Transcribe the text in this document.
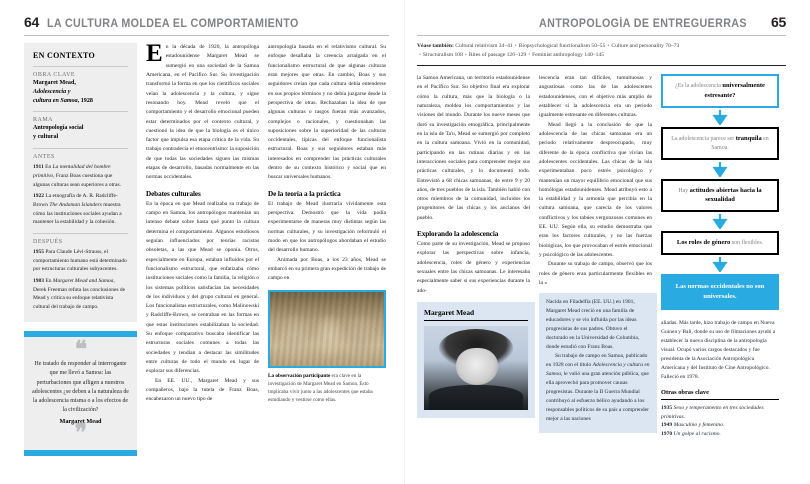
64 LA CULTURA MOLDEA EL COMPORTAMIENTO
EN CONTEXTO
OBRA CLAVE
Margaret Mead,
Adolescencia y
cultura en Samoa, 1928
RAMA
Antropología social
y cultural
ANTES
1911 En La mentalidad del hombre primitivo, Franz Boas cuestiona que algunas culturas sean superiores a otras.
1922 La etnografía de A. R. Radcliffe-Brown The Andaman Islanders muestra cómo las instituciones sociales ayudan a mantener la estabilidad y la cohesión.
DESPUÉS
1955 Para Claude Lévi-Strauss, el comportamiento humano está determinado por estructuras culturales subyacentes.
1983 En Margaret Mead and Samoa, Derek Freeman refuta las conclusiones de Mead y critica su enfoque relativista cultural del trabajo de campo.
❝
He tratado de responder al interrogante que me llevó a Samoa: las perturbaciones que afligen a nuestros adolescentes ¿se deben a la naturaleza de la adolescencia misma o a los efectos de la civilización?
Margaret Mead
❞

En la década de 1920, la antropóloga estadounidense Margaret Mead se sumergió en una sociedad de la Samoa Americana, en el Pacífico Sur. Su investigación transformó la forma en que los científicos sociales veían la adolescencia y la cultura, y sigue resonando hoy. Mead reveló que el comportamiento y el desarrollo emocional pueden estar determinados por el contexto cultural, y cuestionó la idea de que la biología es el único factor que impulsa esa etapa crítica de la vida. Su trabajo contradecía el etnocentrismo: la suposición de que todas las sociedades siguen las mismas etapas de desarrollo, basadas normalmente en las normas occidentales.

Debates culturales

En la época en que Mead realizaba su trabajo de campo en Samoa, los antropólogos mantenían un intenso debate sobre hasta qué punto la cultura determina el comportamiento. Algunos estudiosos seguían influenciados por teorías racistas obsoletas, a las que Mead se oponía. Otros, especialmente en Europa, estaban influidos por el funcionalismo estructural, que enfatizaba cómo instituciones sociales como la familia, la religión o los sistemas políticos satisfacían las necesidades de los individuos y del grupo cultural en general. Los funcionalistas estructurales, como Malinowski y Radcliffe-Brown, se centraban en las formas en que estas instituciones estabilizaban la sociedad. Su enfoque comparativo buscaba identificar las estructuras sociales comunes a todas las sociedades y tendían a destacar las similitudes entre culturas de todo el mundo en lugar de explorar sus diferencias.

En EE. UU., Margaret Mead y sus compañeros, bajo la tutela de Franz Boas, encabezaron un nuevo tipo de

antropología basada en el relativismo cultural. Su enfoque desafiaba la creencia arraigada en el funcionalismo estructural de que algunas culturas eran mejores que otras. En cambio, Boas y sus seguidores creían que cada cultura debía entenderse en sus propios términos y no debía juzgarse desde la perspectiva de otras. Rechazaban la idea de que algunas culturas o rasgos fueran más avanzados, complejos o racionales, y cuestionaban las suposiciones sobre la superioridad de las culturas occidentales, típicas del enfoque funcionalista estructural. Boas y sus seguidores estaban más interesados en comprender las prácticas culturales dentro de su contexto histórico y social que en buscar universales humanos.

De la teoría a la práctica

El trabajo de Mead ilustraría vívidamente esta perspectiva. Demostró que la vida podía experimentarse de maneras muy distintas según las normas culturales, y su investigación reformuló el modo en que los antropólogos abordaban el estudio del desarrollo humano.

Animada por Boas, a los 23 años, Mead se embarcó en su primera gran expedición de trabajo de campo en

La observación participante era clave en la investigación de Margaret Mead en Samoa. Esto implicaba vivir junto a las adolescentes que estaba estudiando y vestirse como ellas.
ANTROPOLOGÍA DE ENTREGUERRAS 65
Véase también: Cultural relativism 34–41 • Biopsychological functionalism 50–55 • Culture and personality 70–73
• Structuralism 108 • Rites of passage 126–129 • Feminist anthropology 140–145

la Samoa Americana, un territorio estadounidense en el Pacífico Sur. Su objetivo final era explorar cómo la cultura, más que la biología o la naturaleza, moldea los comportamientos y las visiones del mundo. Durante los nueve meses que duró su investigación etnográfica, principalmente en la isla de Ta'u, Mead se sumergió por completo en la cultura samoana. Vivió en la comunidad, participando en las rutinas diarias y en las interacciones sociales para comprender mejor sus prácticas culturales, y lo documentó todo. Entrevistó a 68 chicas samoanas, de entre 9 y 20 años, de tres pueblos de la isla. También habló con otros miembros de la comunidad, incluidos los progenitores de las chicas y los ancianos del pueblo.

Explorando la adolescencia

Como parte de su investigación, Mead se propuso explorar las perspectivas sobre infancia, adolescencia, roles de género y experiencias sexuales entre las chicas samoanas. Le interesaba especialmente saber si sus experiencias durante la ado-

Margaret Mead

lescencia eran tan difíciles, tumultuosas y angustiosas como las de las adolescentes estadounidenses, con el objetivo más amplio de establecer si la adolescencia era un periodo igualmente estresante en diferentes culturas.

Mead llegó a la conclusión de que la adolescencia de las chicas samoanas era un periodo relativamente despreocupado, muy diferente de la época conflictiva que vivían las adolescentes occidentales. Las chicas de la isla experimentaban poco estrés psicológico y mantenían un mayor equilibrio emocional que sus homólogas estadounidenses. Mead atribuyó esto a la estabilidad y la armonía que percibía en la cultura samoana, que carecía de los valores conflictivos y los tabúes vergonzosos comunes en EE. UU. Según ella, su estudio demostraba que eran los factores culturales, y no las fuerzas biológicas, los que provocaban el estrés emocional y psicológico de las adolescentes.

Durante su trabajo de campo, observó que los roles de género eran particularmente flexibles en la »

Nacida en Filadelfia (EE. UU.) en 1901, Margaret Mead creció en una familia de educadores y se vio influida por las ideas progresistas de sus padres. Obtuvo el doctorado en la Universidad de Columbia, donde estudió con Franz Boas.
Su trabajo de campo en Samoa, publicado en 1928 con el título Adolescencia y cultura en Samoa, le valió una gran atención pública, que ella aprovechó para promover causas progresistas. Durante la II Guerra Mundial contribuyó al esfuerzo bélico ayudando a los responsables políticos de su país a comprender mejor a las naciones
¿Es la adolescencia universalmente estresante?
La adolescencia parece ser tranquila en Samoa.
Hay actitudes abiertas hacia la sexualidad
Los roles de género son flexibles.
Las normas occidentales no son universales.
aliadas. Más tarde, hizo trabajo de campo en Nueva Guinea y Bali, donde su uso de filmaciones ayudó a establecer la nueva disciplina de la antropología visual. Ocupó varios cargos destacados y fue presidenta de la Asociación Antropológica Americana y del Instituto de Cine Antropológico. Falleció en 1978.
Otras obras clave
1935 Sexo y temperamento en tres sociedades primitivas.
1949 Masculino y femenino.
1970 Un golpe al racismo.
